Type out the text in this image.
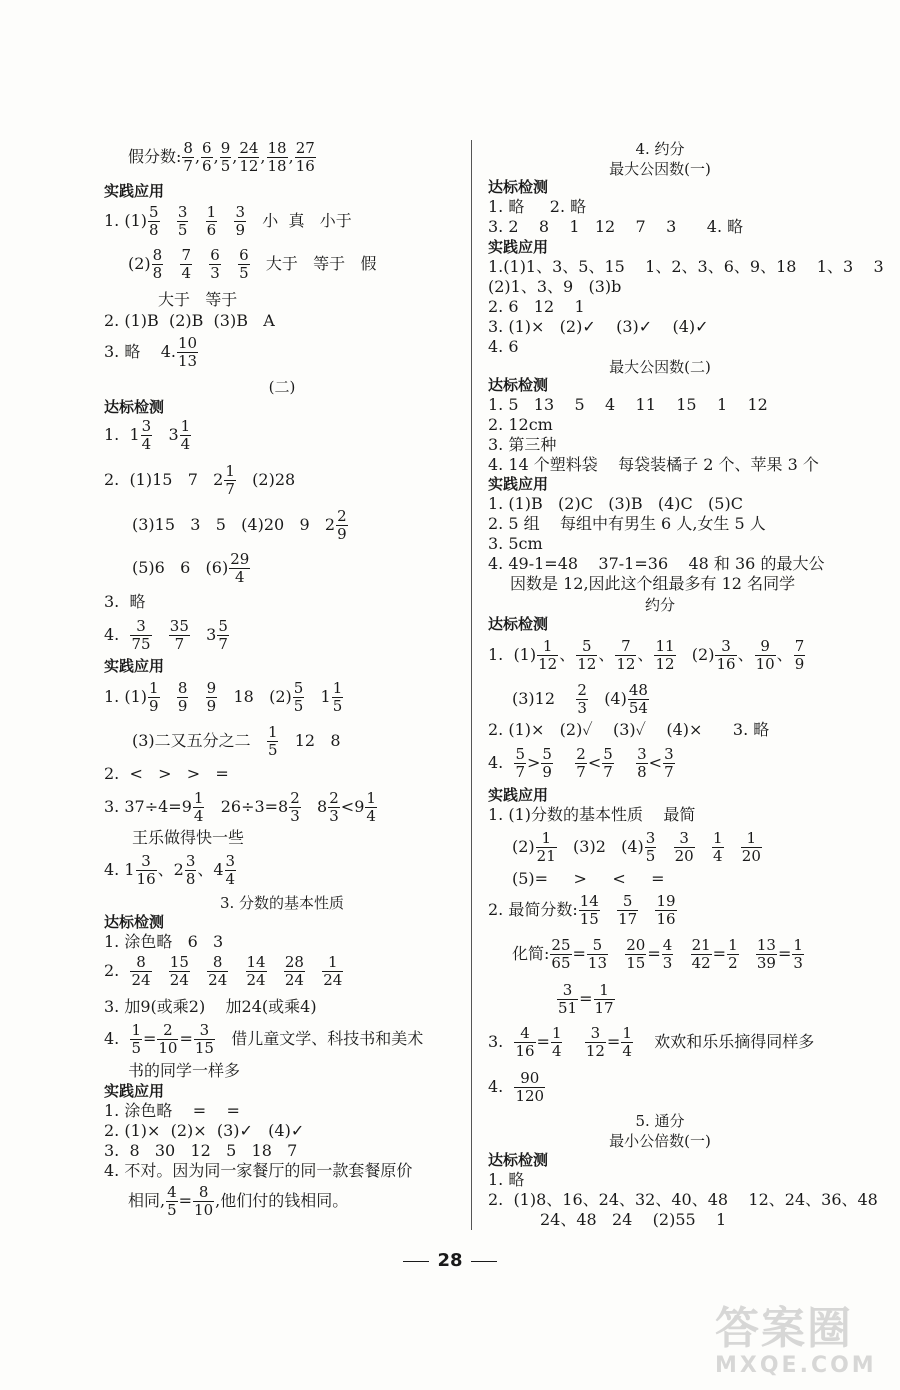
假分数: $\frac{8}{7}$ , $\frac{6}{6}$ , $\frac{9}{5}$ , $\frac{24}{12}$ , $\frac{18}{18}$ , $\frac{27}{16}$
实践应用
1. $(1) \frac{5}{8}$
$\frac{3}{5}$
$\frac{1}{6}$
$\frac{3}{9}$ 小  真   小于
$(2) \frac{8}{8}$
$\frac{7}{4}$
$\frac{6}{3}$
$\frac{6}{5}$ 大于   等于   假
大于   等于
2. (1)B  (2)B  (3)B   A
3. 略    4. $\frac{10}{13}$
(二)
达标检测
1.  $1 \frac{3}{4} 3 \frac{1}{4}$
2.  (1)15   7   $2 \frac{1}{7} (2)28$
(3)15   3   5   (4)20   9   $2 \frac{2}{9}$
(5)6   6   $(6) \frac{29}{4}$
3.  略
4. $\frac{3}{75}$
$\frac{35}{7} 3 \frac{5}{7}$
实践应用
1. $(1) \frac{1}{9}$
$\frac{8}{9}$
$\frac{9}{9} 18$   $(2) \frac{5}{5} 1 \frac{1}{5}$
(3)二又五分之二 $\frac{1}{5} 12$   8
2.  <   >   >   =
3. $37\div 4=9 \frac{1}{4} 26\div 3=8 \frac{2}{3} 8 \frac{2}{3} <9 \frac{1}{4}$
王乐做得快一些
4. $1 \frac{3}{16}$ 、$2 \frac{3}{8}$ 、$4 \frac{3}{4}$
3. 分数的基本性质
达标检测
1. 涂色略   6   3
2. $\frac{8}{24}$
$\frac{15}{24}$
$\frac{8}{24}$
$\frac{14}{24}$
$\frac{28}{24}$
$\frac{1}{24}$
3. 加9(或乘2)    加24(或乘4)
4. $\frac{1}{5} = \frac{2}{10} = \frac{3}{15}$ 借儿童文学、科技书和美术
书的同学一样多
实践应用
1. 涂色略    =    =
2. (1)×  (2)×  (3)✓   (4)✓
3.  8   30   12   5   18   7
4. 不对。因为同一家餐厅的同一款套餐原价
相同, $\frac{4}{5} = \frac{8}{10}$ ,他们付的钱相同。
4. 约分
最大公因数(一)
达标检测
1. 略     2. 略
3. 2    8    1   12    7    3      4. 略
实践应用
1.(1)1、3、5、15    1、2、3、6、9、18    1、3    3
(2)1、3、9   (3)b
2. 6   12    1
3. (1)×   (2)✓    (3)✓    (4)✓
4. 6
最大公因数(二)
达标检测
1. 5   13    5    4    11    15    1    12
2. 12cm
3. 第三种
4. 14 个塑料袋    每袋装橘子 2 个、苹果 3 个
实践应用
1. (1)B   (2)C   (3)B   (4)C   (5)C
2. 5 组    每组中有男生 6 人,女生 5 人
3. 5cm
4. 49-1=48    37-1=36    48 和 36 的最大公
因数是 12,因此这个组最多有 12 名同学
约分
达标检测
1.  $(1) \frac{1}{12}$ 、 $\frac{5}{12}$ 、 $\frac{7}{12}$ 、 $\frac{11}{12} (2) \frac{3}{16}$ 、 $\frac{9}{10}$ 、 $\frac{7}{9}$
$(3)12 \frac{2}{3} (4) \frac{48}{54}$
2. (1)×   (2)✓    (3)✓    (4)×      3. 略
4. $\frac{5}{7} > \frac{5}{9}$
$\frac{2}{7} < \frac{5}{7}$
$\frac{3}{8} < \frac{3}{7}$
实践应用
1. (1)分数的基本性质    最简
$(2) \frac{1}{21} (3)2$   $(4) \frac{3}{5}$
$\frac{3}{20}$
$\frac{1}{4}$
$\frac{1}{20}$
(5)=     >     <     =
2. 最简分数: $\frac{14}{15}$
$\frac{5}{17}$
$\frac{19}{16}$
化简: $\frac{25}{65} = \frac{5}{13}$
$\frac{20}{15} = \frac{4}{3}$
$\frac{21}{42} = \frac{1}{2}$
$\frac{13}{39} = \frac{1}{3}$
$\frac{3}{51} = \frac{1}{17}$
3. $\frac{4}{16} = \frac{1}{4}$
$\frac{3}{12} = \frac{1}{4}$ 欢欢和乐乐摘得同样多
4. $\frac{90}{120}$
5. 通分
最小公倍数(一)
达标检测
1. 略
2.  (1)8、16、24、32、40、48    12、24、36、48
24、48   24    (2)55    1
28
答案圈
MXQE.COM
